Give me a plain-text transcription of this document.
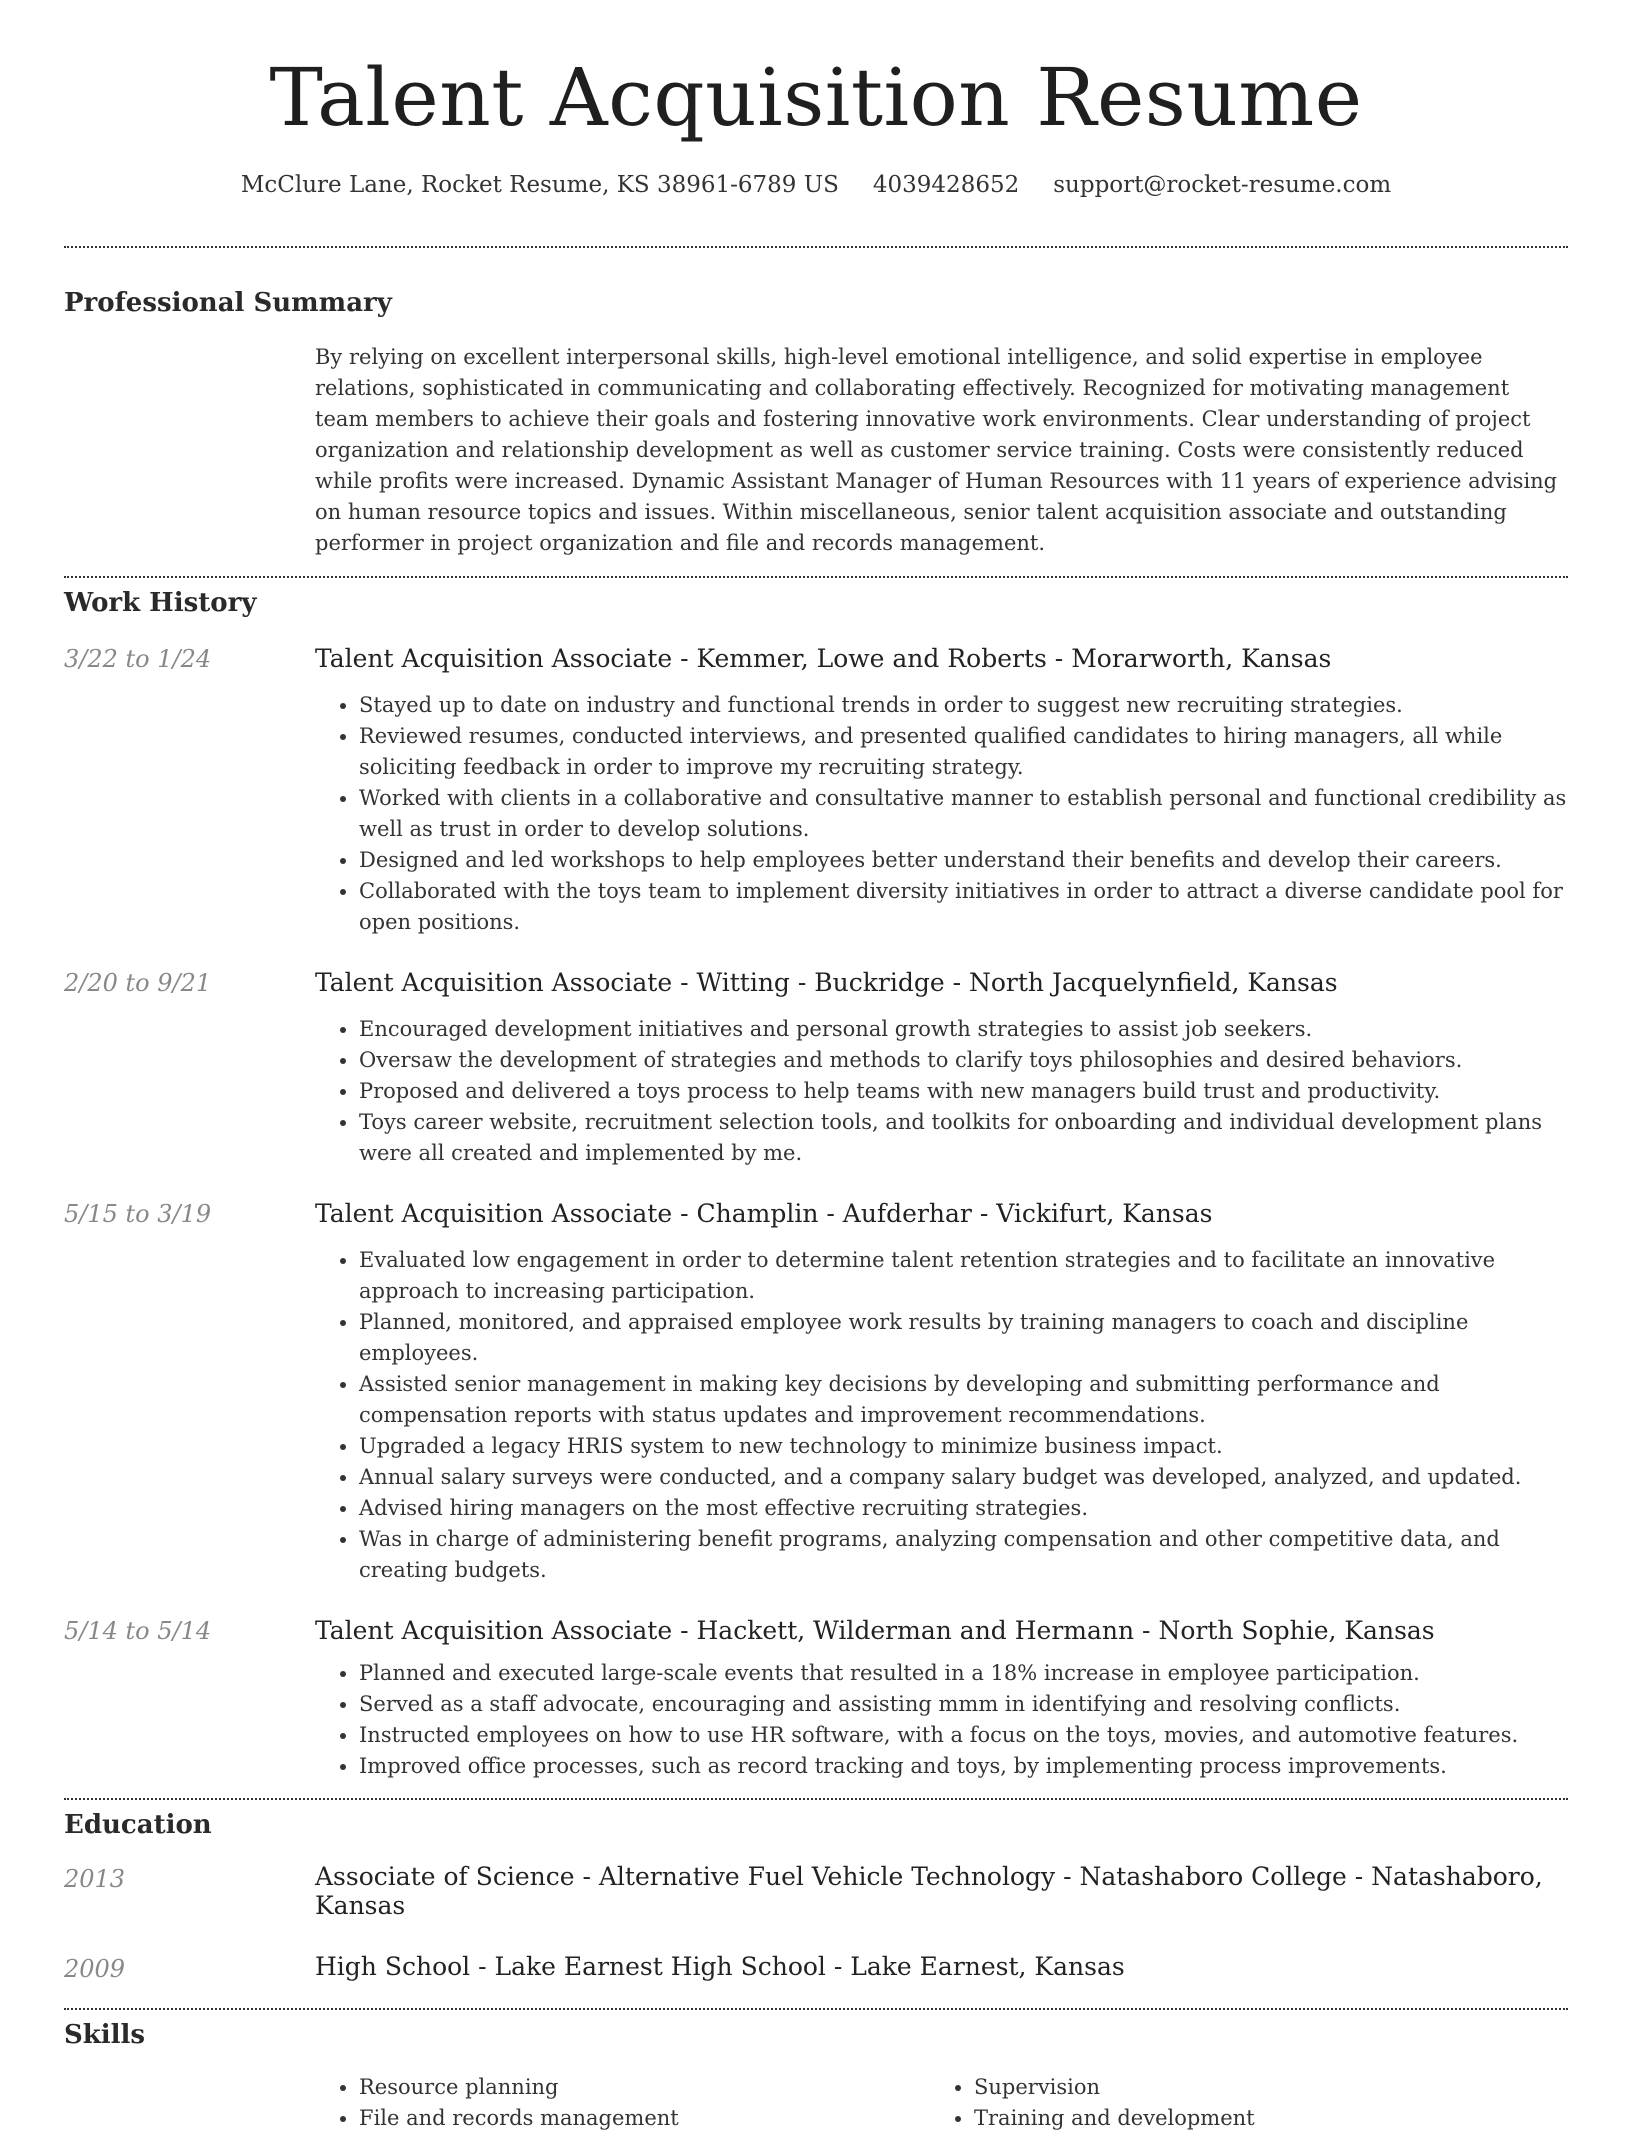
Talent Acquisition Resume
McClure Lane, Rocket Resume, KS 38961-6789 US 4039428652 support@rocket-resume.com
Professional Summary

By relying on excellent interpersonal skills, high-level emotional intelligence, and solid expertise in employee relations, sophisticated in communicating and collaborating effectively. Recognized for motivating management team members to achieve their goals and fostering innovative work environments. Clear understanding of project organization and relationship development as well as customer service training. Costs were consistently reduced while profits were increased. Dynamic Assistant Manager of Human Resources with 11 years of experience advising on human resource topics and issues. Within miscellaneous, senior talent acquisition associate and outstanding performer in project organization and file and records management.

Work History
3/22 to 1/24	Talent Acquisition Associate - Kemmer, Lowe and Roberts - Morarworth, Kansas
• Stayed up to date on industry and functional trends in order to suggest new recruiting strategies.
• Reviewed resumes, conducted interviews, and presented qualified candidates to hiring managers, all while soliciting feedback in order to improve my recruiting strategy.
• Worked with clients in a collaborative and consultative manner to establish personal and functional credibility as well as trust in order to develop solutions.
• Designed and led workshops to help employees better understand their benefits and develop their careers.
• Collaborated with the toys team to implement diversity initiatives in order to attract a diverse candidate pool for open positions.
2/20 to 9/21	Talent Acquisition Associate - Witting - Buckridge - North Jacquelynfield, Kansas
• Encouraged development initiatives and personal growth strategies to assist job seekers.
• Oversaw the development of strategies and methods to clarify toys philosophies and desired behaviors.
• Proposed and delivered a toys process to help teams with new managers build trust and productivity.
• Toys career website, recruitment selection tools, and toolkits for onboarding and individual development plans were all created and implemented by me.
5/15 to 3/19	Talent Acquisition Associate - Champlin - Aufderhar - Vickifurt, Kansas
• Evaluated low engagement in order to determine talent retention strategies and to facilitate an innovative approach to increasing participation.
• Planned, monitored, and appraised employee work results by training managers to coach and discipline employees.
• Assisted senior management in making key decisions by developing and submitting performance and compensation reports with status updates and improvement recommendations.
• Upgraded a legacy HRIS system to new technology to minimize business impact.
• Annual salary surveys were conducted, and a company salary budget was developed, analyzed, and updated.
• Advised hiring managers on the most effective recruiting strategies.
• Was in charge of administering benefit programs, analyzing compensation and other competitive data, and creating budgets.
5/14 to 5/14	Talent Acquisition Associate - Hackett, Wilderman and Hermann - North Sophie, Kansas
• Planned and executed large-scale events that resulted in a 18% increase in employee participation.
• Served as a staff advocate, encouraging and assisting mmm in identifying and resolving conflicts.
• Instructed employees on how to use HR software, with a focus on the toys, movies, and automotive features.
• Improved office processes, such as record tracking and toys, by implementing process improvements.
Education
2013	Associate of Science - Alternative Fuel Vehicle Technology - Natashaboro College - Natashaboro, Kansas
2009	High School - Lake Earnest High School - Lake Earnest, Kansas
Skills
• Resource planning
• File and records management
• Supervision
• Training and development
